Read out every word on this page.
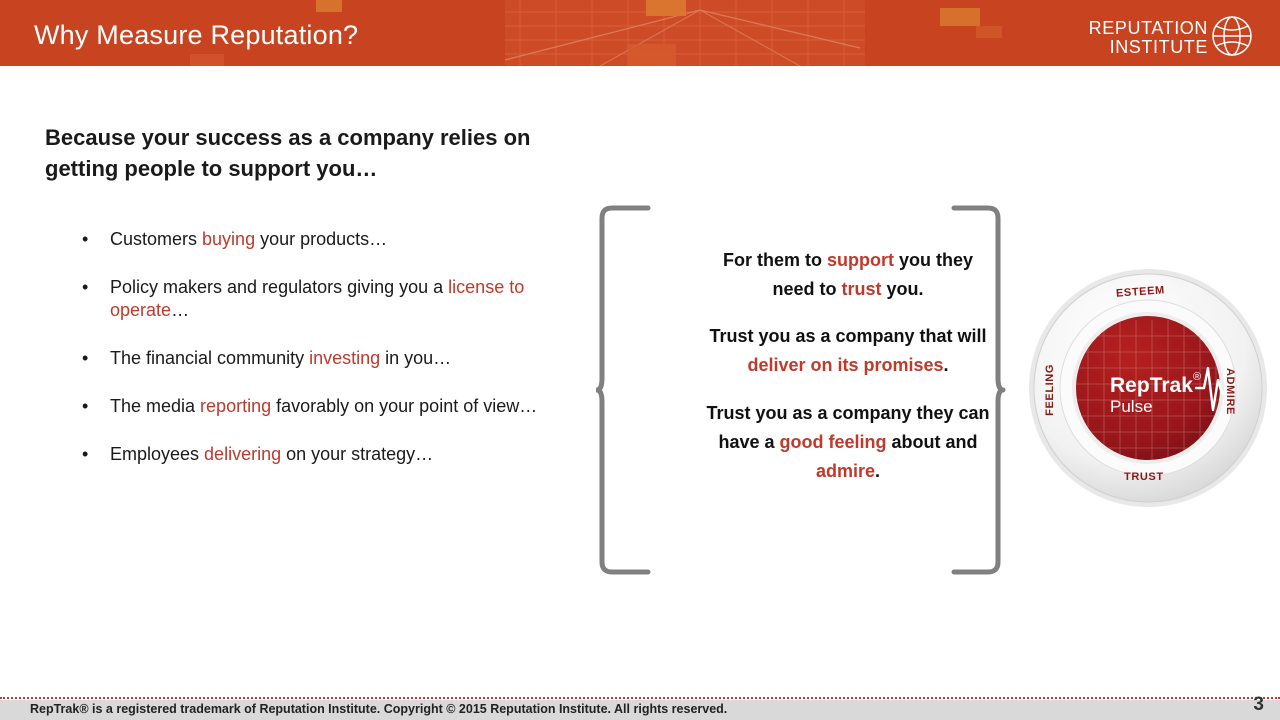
Why Measure Reputation?	REPUTATION
INSTITUTE
Because your success as a company relies on
getting people to support you…
• Customers buying your products…
• Policy makers and regulators giving you a license to operate…
• The financial community investing in you…
• The media reporting favorably on your point of view…
• Employees delivering on your strategy…
For them to support you they need to trust you.
Trust you as a company that will deliver on its promises.
Trust you as a company they can have a good feeling about and admire.
RepTrak ®
Pulse
ESTEEM
ADMIRE
TRUST
FEELING
RepTrak® is a registered trademark of Reputation Institute. Copyright © 2015 Reputation Institute. All rights reserved.	3
